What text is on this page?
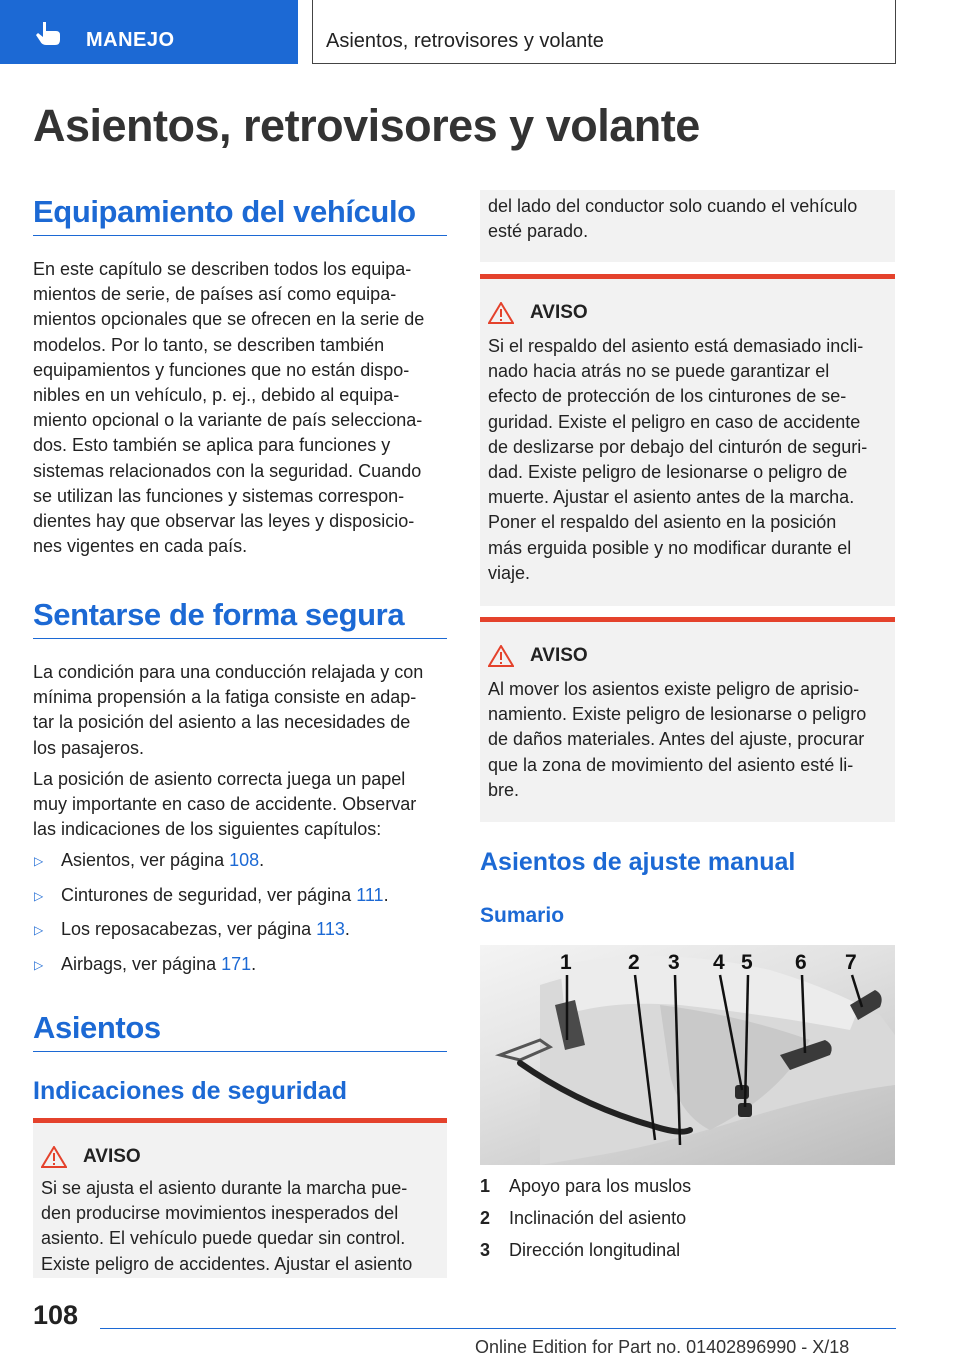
MANEJO	Asientos, retrovisores y volante
Asientos, retrovisores y volante
Equipamiento del vehículo
En este capítulo se describen todos los equipa-
mientos de serie, de países así como equipa-
mientos opcionales que se ofrecen en la serie de
modelos. Por lo tanto, se describen también
equipamientos y funciones que no están dispo-
nibles en un vehículo, p. ej., debido al equipa-
miento opcional o la variante de país selecciona-
dos. Esto también se aplica para funciones y
sistemas relacionados con la seguridad. Cuando
se utilizan las funciones y sistemas correspon-
dientes hay que observar las leyes y disposicio-
nes vigentes en cada país.
Sentarse de forma segura
La condición para una conducción relajada y con
mínima propensión a la fatiga consiste en adap-
tar la posición del asiento a las necesidades de
los pasajeros.
La posición de asiento correcta juega un papel
muy importante en caso de accidente. Observar
las indicaciones de los siguientes capítulos:
▷ Asientos, ver página 108.
▷ Cinturones de seguridad, ver página 111.
▷ Los reposacabezas, ver página 113.
▷ Airbags, ver página 171.
Asientos
Indicaciones de seguridad
AVISO
Si se ajusta el asiento durante la marcha pue-
den producirse movimientos inesperados del
asiento. El vehículo puede quedar sin control.
Existe peligro de accidentes. Ajustar el asiento
del lado del conductor solo cuando el vehículo
esté parado.
AVISO
Si el respaldo del asiento está demasiado incli-
nado hacia atrás no se puede garantizar el
efecto de protección de los cinturones de se-
guridad. Existe el peligro en caso de accidente
de deslizarse por debajo del cinturón de seguri-
dad. Existe peligro de lesionarse o peligro de
muerte. Ajustar el asiento antes de la marcha.
Poner el respaldo del asiento en la posición
más erguida posible y no modificar durante el
viaje.
AVISO
Al mover los asientos existe peligro de aprisio-
namiento. Existe peligro de lesionarse o peligro
de daños materiales. Antes del ajuste, procurar
que la zona de movimiento del asiento esté li-
bre.
Asientos de ajuste manual
Sumario
1	2 3 4 5 6 7
1 Apoyo para los muslos
2 Inclinación del asiento
3 Dirección longitudinal
108
Online Edition for Part no. 01402896990 - X/18
